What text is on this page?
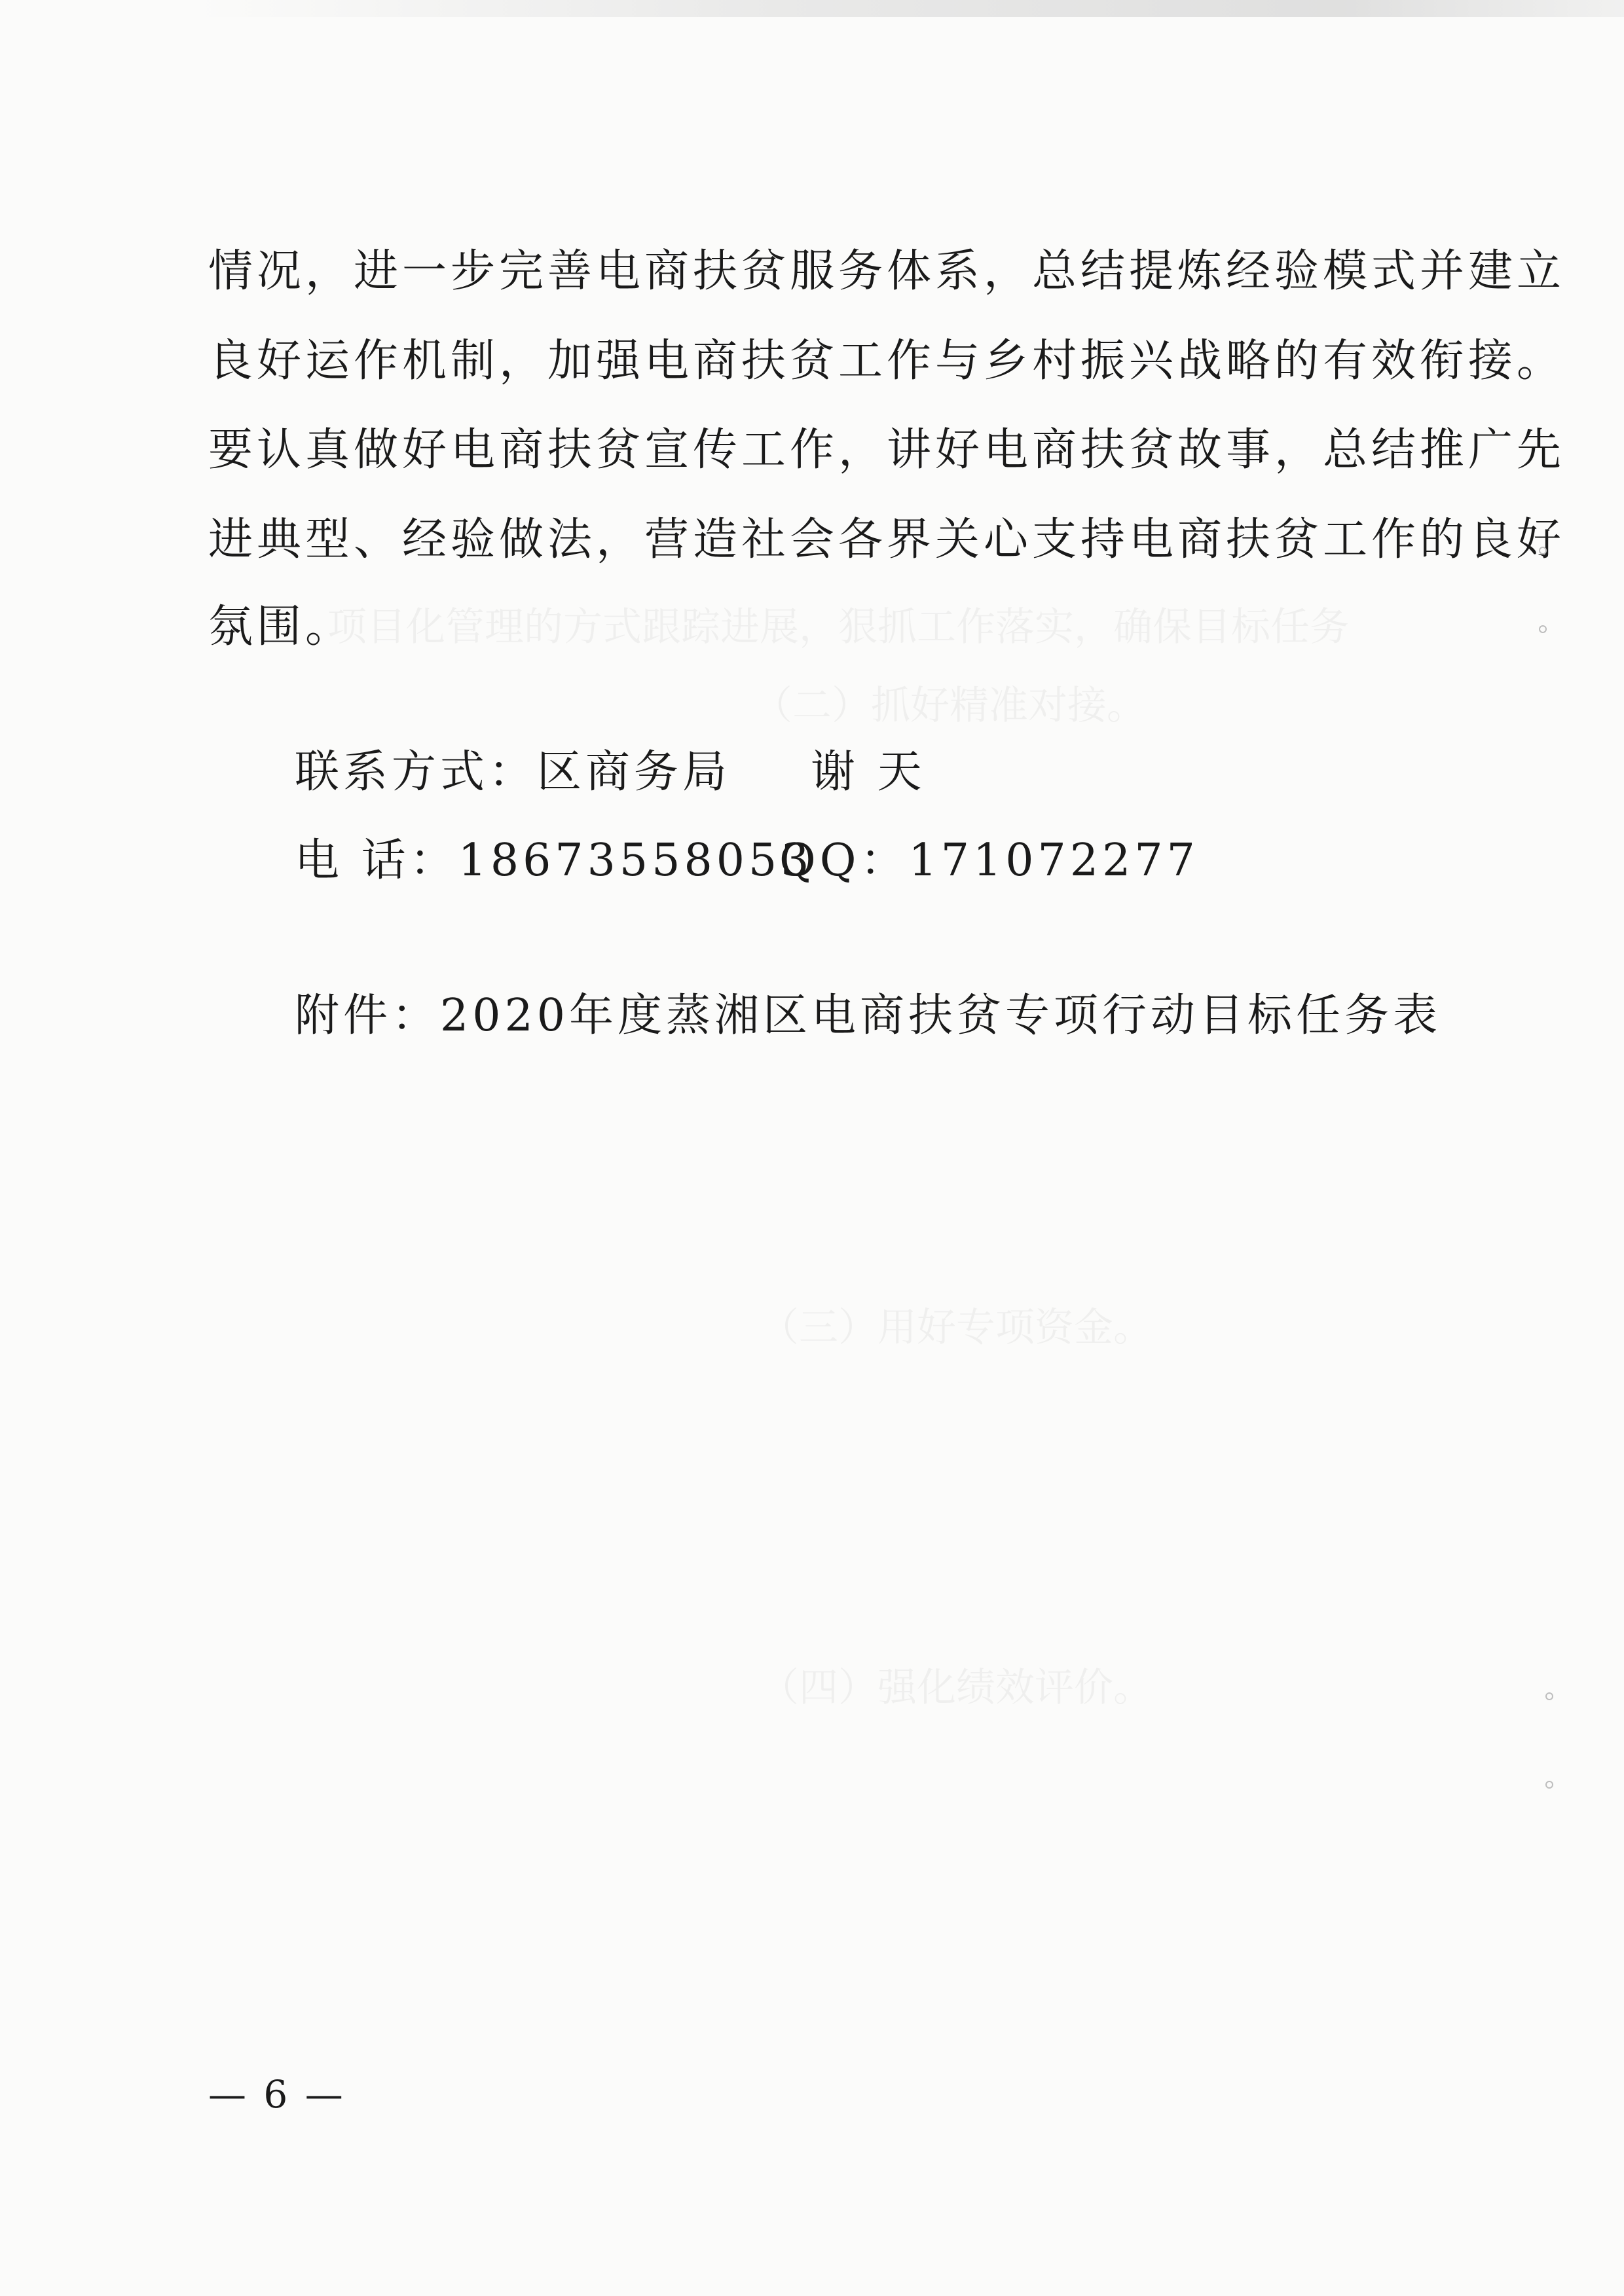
情况，进一步完善电商扶贫服务体系，总结提炼经验模式并建立
良好运作机制，加强电商扶贫工作与乡村振兴战略的有效衔接。
要认真做好电商扶贫宣传工作，讲好电商扶贫故事，总结推广先
进典型、经验做法，营造社会各界关心支持电商扶贫工作的良好
氛围。
联系方式：区商务局 谢 天
电 话：18673558053
QQ：171072277
附件：2020年度蒸湘区电商扶贫专项行动目标任务表
— 6 —
